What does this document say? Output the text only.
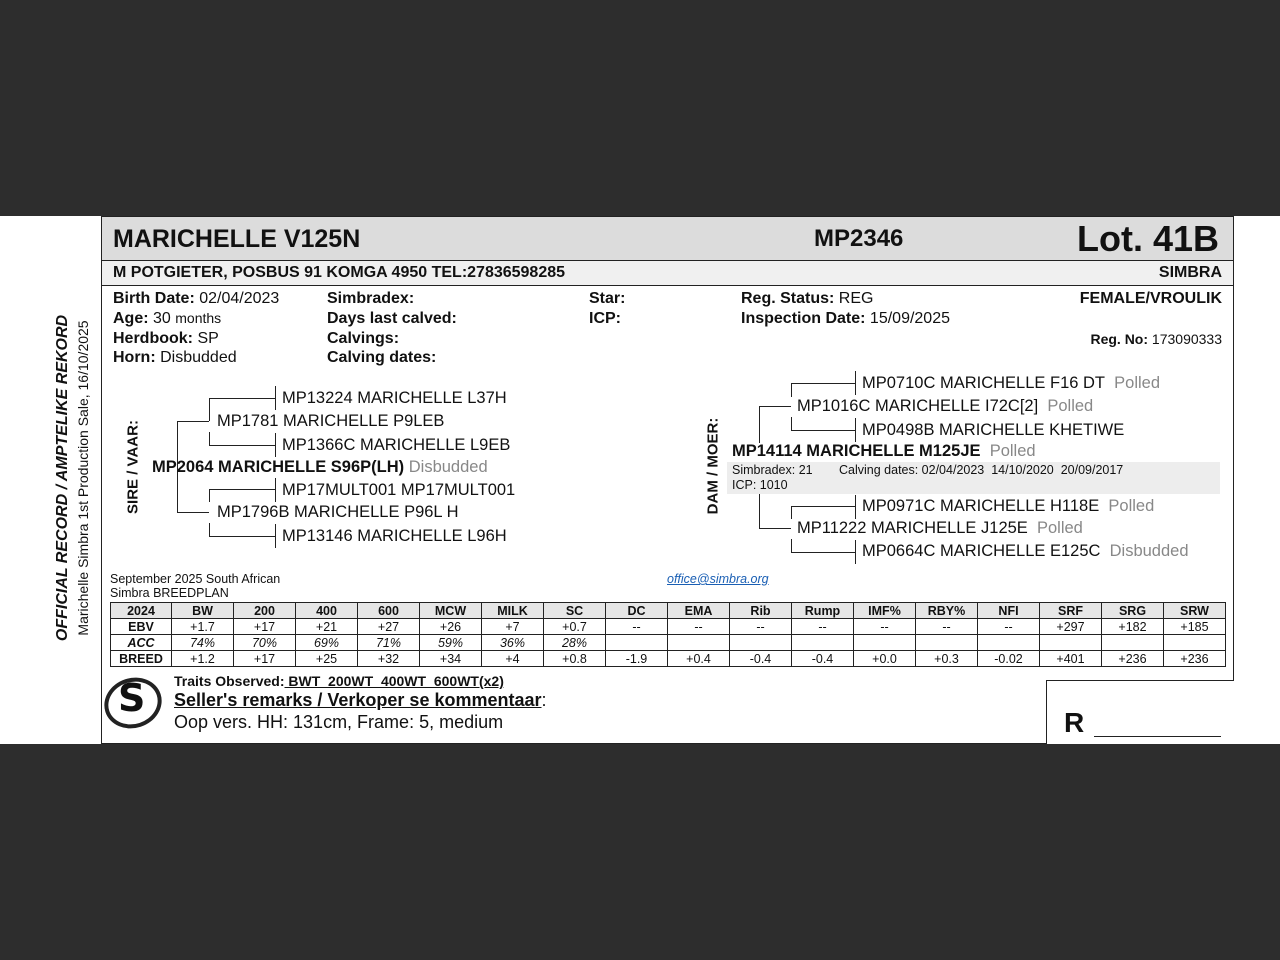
MARICHELLE V125N	MP2346	Lot. 41B
M POTGIETER, POSBUS 91 KOMGA 4950 TEL:27836598285	SIMBRA
OFFICIAL RECORD / AMPTELIKE REKORD Marichelle Simbra 1st Production Sale, 16/10/2025
Birth Date: 02/04/2023
Age: 30 months
Herdbook: SP
Horn: Disbudded
Simbradex:
Days last calved:
Calvings:
Calving dates:
Star:
ICP:
Reg. Status: REG
Inspection Date: 15/09/2025
FEMALE/VROULIK
Reg. No: 173090333
SIRE / VAAR:
MP13224 MARICHELLE L37H
MP1781 MARICHELLE P9LEB
MP1366C MARICHELLE L9EB
MP2064 MARICHELLE S96P(LH) Disbudded
MP17MULT001 MP17MULT001
MP1796B MARICHELLE P96L H
MP13146 MARICHELLE L96H
DAM / MOER:
MP0710C MARICHELLE F16 DT Polled
MP1016C MARICHELLE I72C[2] Polled
MP0498B MARICHELLE KHETIWE
MP14114 MARICHELLE M125JE Polled
Simbradex: 21 Calving dates: 02/04/2023  14/10/2020  20/09/2017
ICP: 1010
MP0971C MARICHELLE H118E Polled
MP11222 MARICHELLE J125E Polled
MP0664C MARICHELLE E125C Disbudded
September 2025 South African
Simbra BREEDPLAN
office@simbra.org
2024	BW	200	400	600	MCW	MILK	SC	DC	EMA	Rib	Rump	IMF%	RBY%	NFI	SRF	SRG	SRW
EBV	+1.7	+17	+21	+27	+26	+7	+0.7	--	--	--	--	--	--	--	+297	+182	+185
ACC	74%	70%	69%	71%	59%	36%	28%										
BREED	+1.2	+17	+25	+32	+34	+4	+0.8	-1.9	+0.4	-0.4	-0.4	+0.0	+0.3	-0.02	+401	+236	+236
S Traits Observed: BWT  200WT  400WT  600WT(x2)
Seller's remarks / Verkoper se kommentaar:
Oop vers. HH: 131cm, Frame: 5, medium	R
